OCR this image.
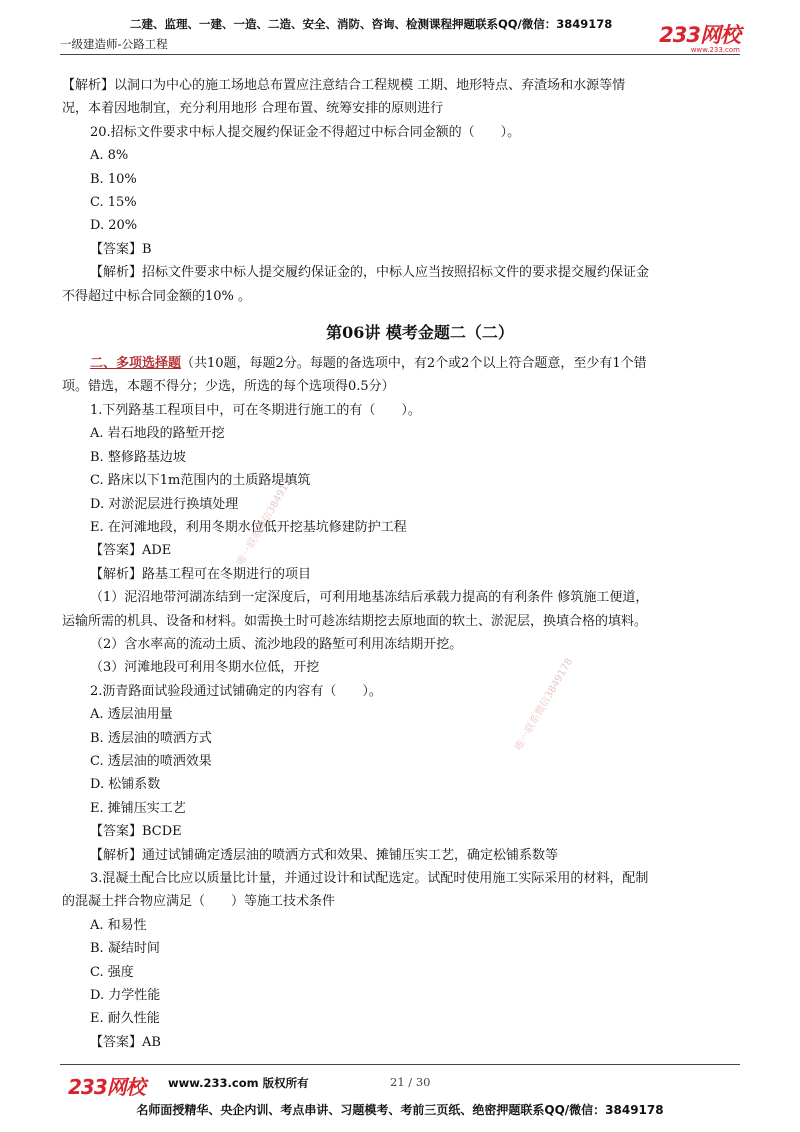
二建、监理、一建、一造、二造、安全、消防、咨询、检测课程押题联系QQ/微信：3849178
一级建造师-公路工程	233网校
www.233.com
唯一联系微信3849178
唯一联系微信3849178
【解析】以洞口为中心的施工场地总布置应注意结合工程规模 工期、地形特点、弃渣场和水源等情
况，本着因地制宜，充分利用地形 合理布置、统筹安排的原则进行
20.招标文件要求中标人提交履约保证金不得超过中标合同金额的（　　）。
A. 8%
B. 10%
C. 15%
D. 20%
【答案】B
【解析】招标文件要求中标人提交履约保证金的，中标人应当按照招标文件的要求提交履约保证金
不得超过中标合同金额的10% 。
第06讲 模考金题二（二）
二、多项选择题（共10题，每题2分。每题的备选项中，有2个或2个以上符合题意，至少有1个错
项。错选，本题不得分；少选，所选的每个选项得0.5分）
1.下列路基工程项目中，可在冬期进行施工的有（　　）。
A. 岩石地段的路堑开挖
B. 整修路基边坡
C. 路床以下1m范围内的土质路堤填筑
D. 对淤泥层进行换填处理
E. 在河滩地段，利用冬期水位低开挖基坑修建防护工程
【答案】ADE
【解析】路基工程可在冬期进行的项目
（1）泥沼地带河湖冻结到一定深度后，可利用地基冻结后承载力提高的有利条件 修筑施工便道，
运输所需的机具、设备和材料。如需换土时可趁冻结期挖去原地面的软土、淤泥层，换填合格的填料。
（2）含水率高的流动土质、流沙地段的路堑可利用冻结期开挖。
（3）河滩地段可利用冬期水位低，开挖
2.沥青路面试验段通过试铺确定的内容有（　　）。
A. 透层油用量
B. 透层油的喷洒方式
C. 透层油的喷洒效果
D. 松铺系数
E. 摊铺压实工艺
【答案】BCDE
【解析】通过试铺确定透层油的喷洒方式和效果、摊铺压实工艺，确定松铺系数等
3.混凝土配合比应以质量比计量，并通过设计和试配选定。试配时使用施工实际采用的材料，配制
的混凝土拌合物应满足（　　）等施工技术条件
A. 和易性
B. 凝结时间
C. 强度
D. 力学性能
E. 耐久性能
【答案】AB
233网校 www.233.com 版权所有	21 / 30
名师面授精华、央企内训、考点串讲、习题模考、考前三页纸、绝密押题联系QQ/微信：3849178
